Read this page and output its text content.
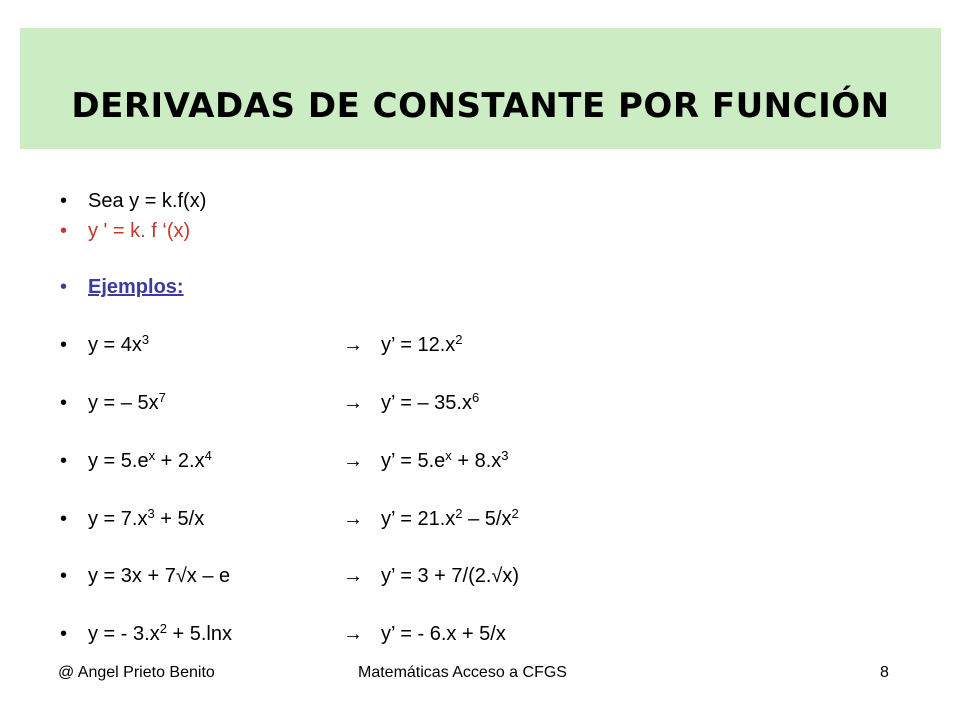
DERIVADAS DE CONSTANTE POR FUNCIÓN
•	Sea y = k.f(x)
•	y ' = k. f ‘(x)
•	Ejemplos:
•	$y = 4x^3$	→ y’ = $12.x^2$
•	y = – $5x^7$	→ y’ = – $35.x^6$
•	$y = 5.e^x + 2.x^4$	→ y’ = $5.e^x + 8.x^3$
•	$y = 7.x^3 + 5/x$	→ y’ = $21.x^2 - 5/x^2$
•	y = 3x + 7√x – e	→ y’ = 3 + 7/(2.√x)
•	y = - $3.x^2 + 5.\ln x$	→ y’ = - 6.x + 5/x
@ Angel Prieto Benito	Matemáticas Acceso a CFGS	8
